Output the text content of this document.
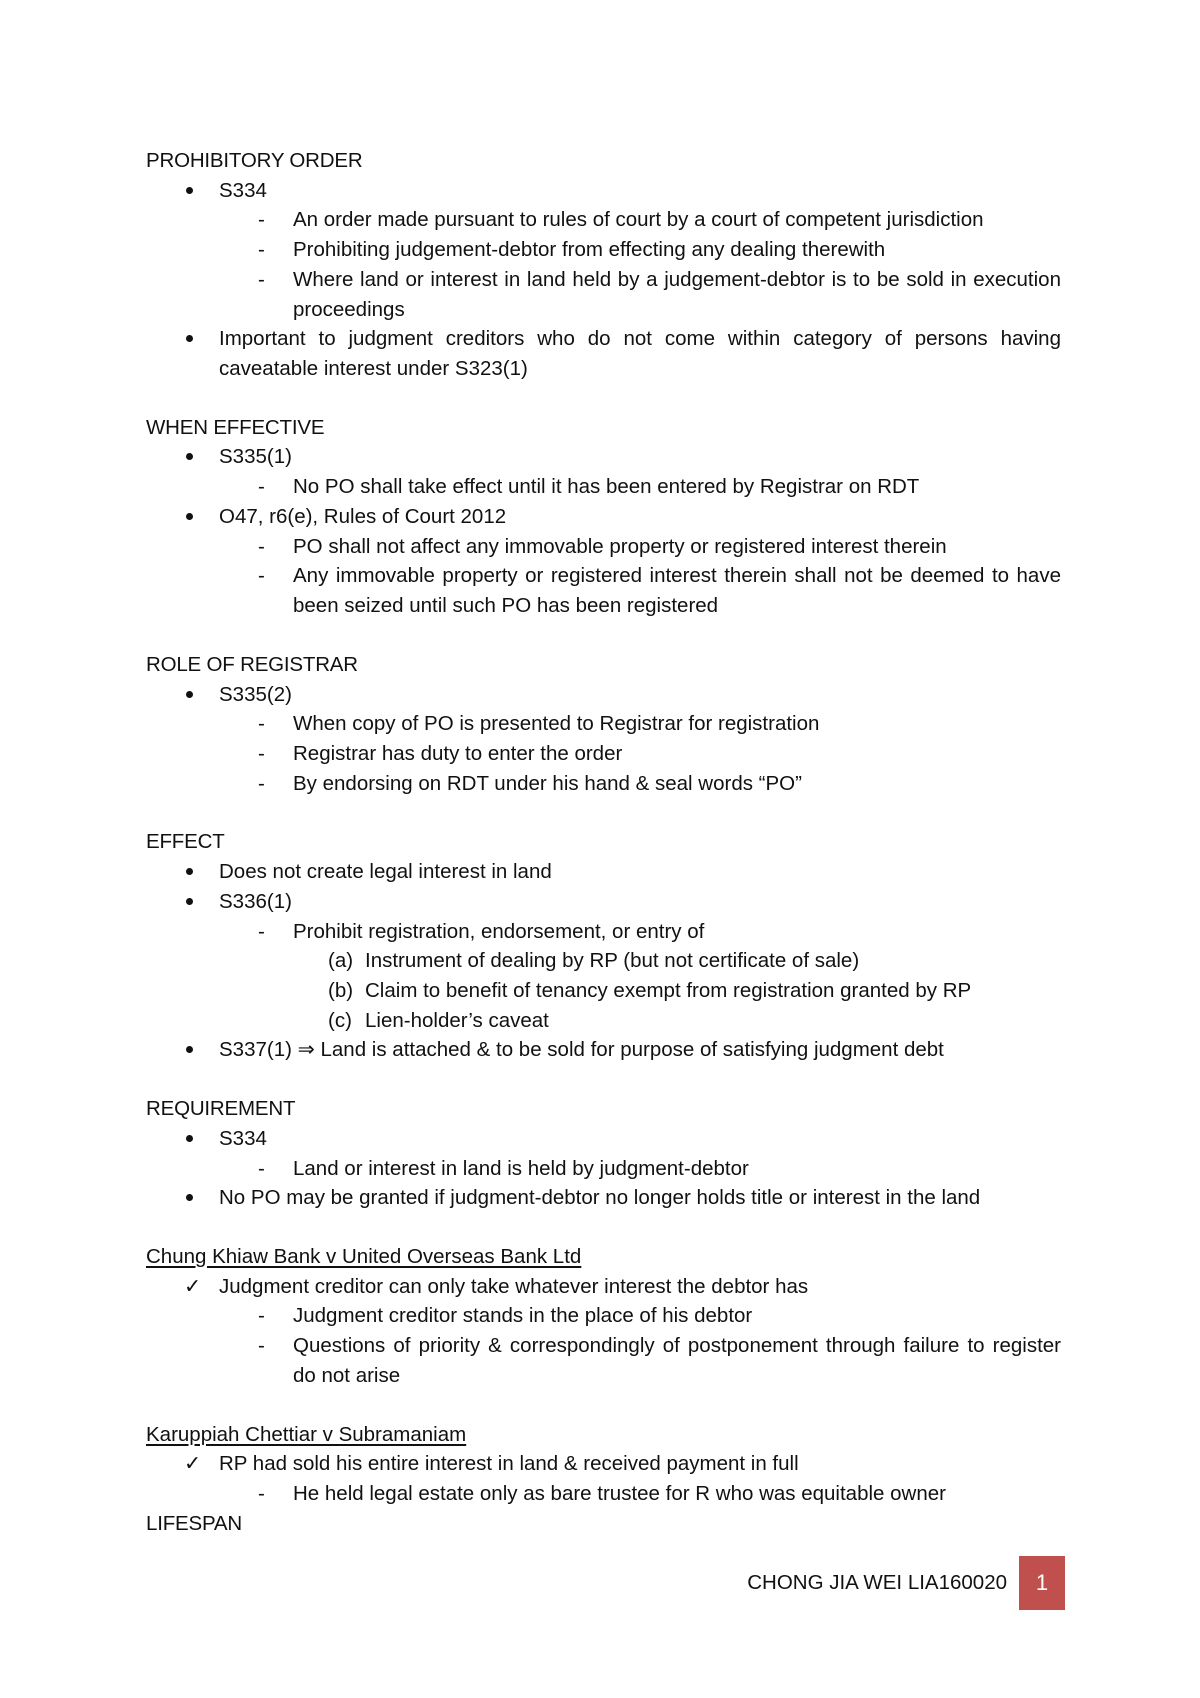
PROHIBITORY ORDER
S334
- An order made pursuant to rules of court by a court of competent jurisdiction
- Prohibiting judgement-debtor from effecting any dealing therewith
- Where land or interest in land held by a judgement-debtor is to be sold in execution proceedings
Important to judgment creditors who do not come within category of persons having caveatable interest under S323(1)
WHEN EFFECTIVE
S335(1)
- No PO shall take effect until it has been entered by Registrar on RDT
O47, r6(e), Rules of Court 2012
- PO shall not affect any immovable property or registered interest therein
- Any immovable property or registered interest therein shall not be deemed to have been seized until such PO has been registered
ROLE OF REGISTRAR
S335(2)
- When copy of PO is presented to Registrar for registration
- Registrar has duty to enter the order
- By endorsing on RDT under his hand & seal words “PO”
EFFECT
Does not create legal interest in land
S336(1)
- Prohibit registration, endorsement, or entry of
(a) Instrument of dealing by RP (but not certificate of sale)
(b) Claim to benefit of tenancy exempt from registration granted by RP
(c) Lien-holder’s caveat
S337(1) ⇒ Land is attached & to be sold for purpose of satisfying judgment debt
REQUIREMENT
S334
- Land or interest in land is held by judgment-debtor
No PO may be granted if judgment-debtor no longer holds title or interest in the land
Chung Khiaw Bank v United Overseas Bank Ltd
✓ Judgment creditor can only take whatever interest the debtor has
- Judgment creditor stands in the place of his debtor
- Questions of priority & correspondingly of postponement through failure to register do not arise
Karuppiah Chettiar v Subramaniam
✓ RP had sold his entire interest in land & received payment in full
- He held legal estate only as bare trustee for R who was equitable owner
LIFESPAN
CHONG JIA WEI LIA160020	1
